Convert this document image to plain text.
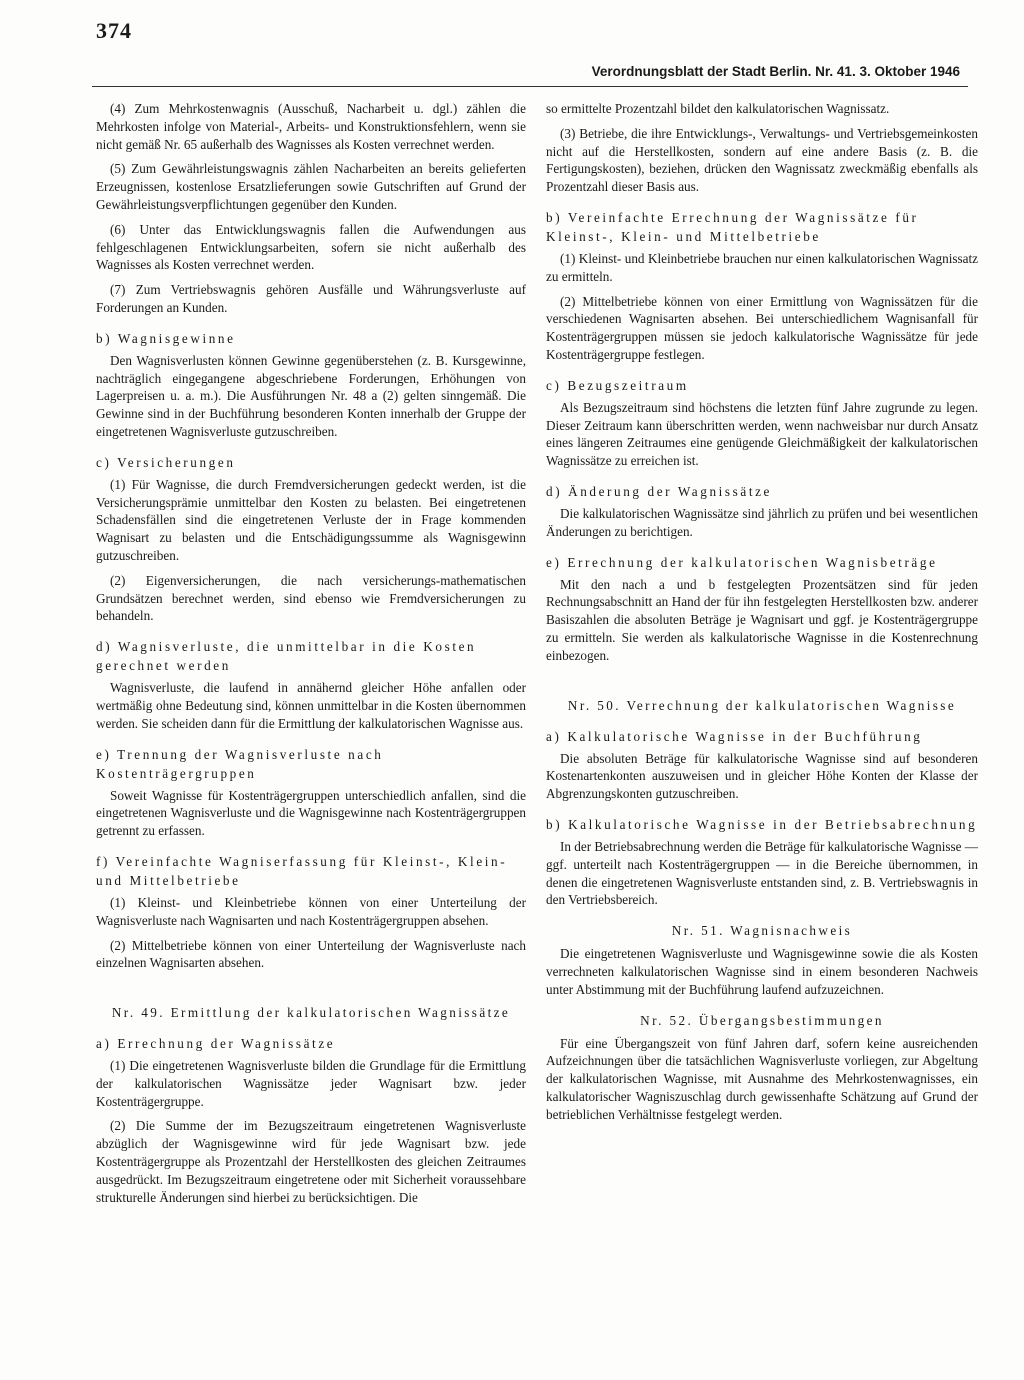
374
Verordnungsblatt der Stadt Berlin. Nr. 41. 3. Oktober 1946

(4) Zum Mehrkostenwagnis (Ausschuß, Nacharbeit u. dgl.) zählen die Mehrkosten infolge von Material-, Arbeits- und Konstruktionsfehlern, wenn sie nicht gemäß Nr. 65 außerhalb des Wagnisses als Kosten verrechnet werden.

(5) Zum Gewährleistungswagnis zählen Nacharbeiten an bereits gelieferten Erzeugnissen, kostenlose Ersatzlieferungen sowie Gutschriften auf Grund der Gewährleistungsverpflichtungen gegenüber den Kunden.

(6) Unter das Entwicklungswagnis fallen die Aufwendungen aus fehlgeschlagenen Entwicklungsarbeiten, sofern sie nicht außerhalb des Wagnisses als Kosten verrechnet werden.

(7) Zum Vertriebswagnis gehören Ausfälle und Währungsverluste auf Forderungen an Kunden.

b) Wagnisgewinne

Den Wagnisverlusten können Gewinne gegenüberstehen (z. B. Kursgewinne, nachträglich eingegangene abgeschriebene Forderungen, Erhöhungen von Lagerpreisen u. a. m.). Die Ausführungen Nr. 48 a (2) gelten sinngemäß. Die Gewinne sind in der Buchführung besonderen Konten innerhalb der Gruppe der eingetretenen Wagnisverluste gutzuschreiben.

c) Versicherungen

(1) Für Wagnisse, die durch Fremdversicherungen gedeckt werden, ist die Versicherungsprämie unmittelbar den Kosten zu belasten. Bei eingetretenen Schadensfällen sind die eingetretenen Verluste der in Frage kommenden Wagnisart zu belasten und die Entschädigungssumme als Wagnisgewinn gutzuschreiben.

(2) Eigenversicherungen, die nach versicherungs-mathematischen Grundsätzen berechnet werden, sind ebenso wie Fremdversicherungen zu behandeln.

d) Wagnisverluste, die unmittelbar in die Kosten gerechnet werden

Wagnisverluste, die laufend in annähernd gleicher Höhe anfallen oder wertmäßig ohne Bedeutung sind, können unmittelbar in die Kosten übernommen werden. Sie scheiden dann für die Ermittlung der kalkulatorischen Wagnisse aus.

e) Trennung der Wagnisverluste nach Kostenträgergruppen

Soweit Wagnisse für Kostenträgergruppen unterschiedlich anfallen, sind die eingetretenen Wagnisverluste und die Wagnisgewinne nach Kostenträgergruppen getrennt zu erfassen.

f) Vereinfachte Wagniserfassung für Kleinst-, Klein- und Mittelbetriebe

(1) Kleinst- und Kleinbetriebe können von einer Unterteilung der Wagnisverluste nach Wagnisarten und nach Kostenträgergruppen absehen.

(2) Mittelbetriebe können von einer Unterteilung der Wagnisverluste nach einzelnen Wagnisarten absehen.

Nr. 49. Ermittlung der kalkulatorischen Wagnissätze
a) Errechnung der Wagnissätze

(1) Die eingetretenen Wagnisverluste bilden die Grundlage für die Ermittlung der kalkulatorischen Wagnissätze jeder Wagnisart bzw. jeder Kostenträgergruppe.

(2) Die Summe der im Bezugszeitraum eingetretenen Wagnisverluste abzüglich der Wagnisgewinne wird für jede Wagnisart bzw. jede Kostenträgergruppe als Prozentzahl der Herstellkosten des gleichen Zeitraumes ausgedrückt. Im Bezugszeitraum eingetretene oder mit Sicherheit voraussehbare strukturelle Änderungen sind hierbei zu berücksichtigen. Die

so ermittelte Prozentzahl bildet den kalkulatorischen Wagnissatz.

(3) Betriebe, die ihre Entwicklungs-, Verwaltungs- und Vertriebsgemeinkosten nicht auf die Herstellkosten, sondern auf eine andere Basis (z. B. die Fertigungskosten), beziehen, drücken den Wagnissatz zweckmäßig ebenfalls als Prozentzahl dieser Basis aus.

b) Vereinfachte Errechnung der Wagnissätze für Kleinst-, Klein- und Mittelbetriebe

(1) Kleinst- und Kleinbetriebe brauchen nur einen kalkulatorischen Wagnissatz zu ermitteln.

(2) Mittelbetriebe können von einer Ermittlung von Wagnissätzen für die verschiedenen Wagnisarten absehen. Bei unterschiedlichem Wagnisanfall für Kostenträgergruppen müssen sie jedoch kalkulatorische Wagnissätze für jede Kostenträgergruppe festlegen.

c) Bezugszeitraum

Als Bezugszeitraum sind höchstens die letzten fünf Jahre zugrunde zu legen. Dieser Zeitraum kann überschritten werden, wenn nachweisbar nur durch Ansatz eines längeren Zeitraumes eine genügende Gleichmäßigkeit der kalkulatorischen Wagnissätze zu erreichen ist.

d) Änderung der Wagnissätze

Die kalkulatorischen Wagnissätze sind jährlich zu prüfen und bei wesentlichen Änderungen zu berichtigen.

e) Errechnung der kalkulatorischen Wagnisbeträge

Mit den nach a und b festgelegten Prozentsätzen sind für jeden Rechnungsabschnitt an Hand der für ihn festgelegten Herstellkosten bzw. anderer Basiszahlen die absoluten Beträge je Wagnisart und ggf. je Kostenträgergruppe zu ermitteln. Sie werden als kalkulatorische Wagnisse in die Kostenrechnung einbezogen.

Nr. 50. Verrechnung der kalkulatorischen Wagnisse
a) Kalkulatorische Wagnisse in der Buchführung

Die absoluten Beträge für kalkulatorische Wagnisse sind auf besonderen Kostenartenkonten auszuweisen und in gleicher Höhe Konten der Klasse der Abgrenzungskonten gutzuschreiben.

b) Kalkulatorische Wagnisse in der Betriebsabrechnung

In der Betriebsabrechnung werden die Beträge für kalkulatorische Wagnisse — ggf. unterteilt nach Kostenträgergruppen — in die Bereiche übernommen, in denen die eingetretenen Wagnisverluste entstanden sind, z. B. Vertriebswagnis in den Vertriebsbereich.

Nr. 51. Wagnisnachweis

Die eingetretenen Wagnisverluste und Wagnisgewinne sowie die als Kosten verrechneten kalkulatorischen Wagnisse sind in einem besonderen Nachweis unter Abstimmung mit der Buchführung laufend aufzuzeichnen.

Nr. 52. Übergangsbestimmungen

Für eine Übergangszeit von fünf Jahren darf, sofern keine ausreichenden Aufzeichnungen über die tatsächlichen Wagnisverluste vorliegen, zur Abgeltung der kalkulatorischen Wagnisse, mit Ausnahme des Mehrkostenwagnisses, ein kalkulatorischer Wagniszuschlag durch gewissenhafte Schätzung auf Grund der betrieblichen Verhältnisse festgelegt werden.
